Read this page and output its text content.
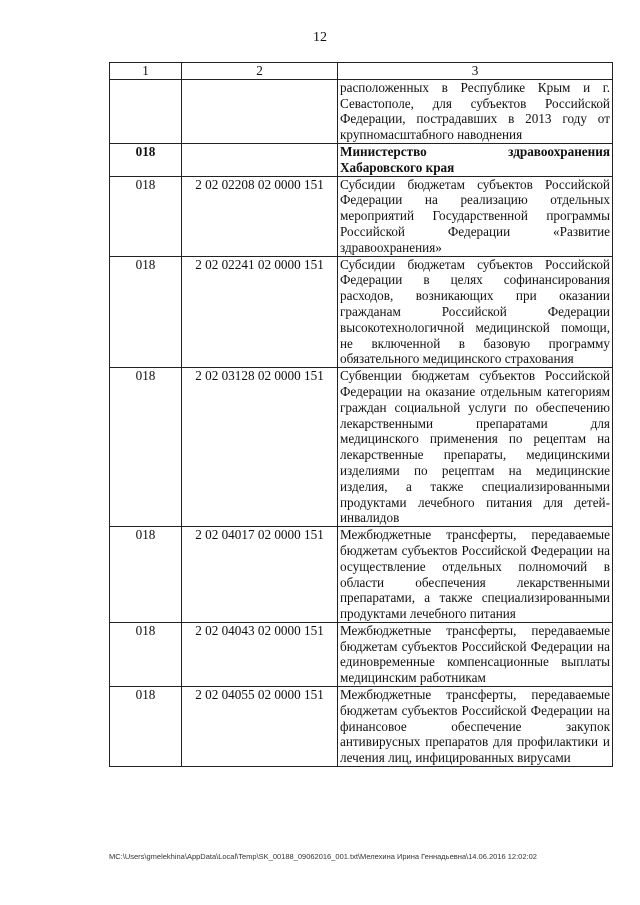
12
1	2	3
		расположенных в Республике Крым и г. Севастополе, для субъектов Российской Федерации, пострадавших в 2013 году от крупномасштабного наводнения
018		Министерство здравоохранения Хабаровского края
018	2 02 02208 02 0000 151	Субсидии бюджетам субъектов Российской Федерации на реализацию отдельных мероприятий Государственной программы Российской Федерации «Развитие здравоохранения»
018	2 02 02241 02 0000 151	Субсидии бюджетам субъектов Российской Федерации в целях софинансирования расходов, возникающих при оказании гражданам Российской Федерации высокотехнологичной медицинской помощи, не включенной в базовую программу обязательного медицинского страхования
018	2 02 03128 02 0000 151	Субвенции бюджетам субъектов Российской Федерации на оказание отдельным категориям граждан социальной услуги по обеспечению лекарственными препаратами для медицинского применения по рецептам на лекарственные препараты, медицинскими изделиями по рецептам на медицинские изделия, а также специализированными продуктами лечебного питания для детей-инвалидов
018	2 02 04017 02 0000 151	Межбюджетные трансферты, передаваемые бюджетам субъектов Российской Федерации на осуществление отдельных полномочий в области обеспечения лекарственными препаратами, а также специализированными продуктами лечебного питания
018	2 02 04043 02 0000 151	Межбюджетные трансферты, передаваемые бюджетам субъектов Российской Федерации на единовременные компенсационные выплаты медицинским работникам
018	2 02 04055 02 0000 151	Межбюджетные трансферты, передаваемые бюджетам субъектов Российской Федерации на финансовое обеспечение закупок антивирусных препаратов для профилактики и лечения лиц, инфицированных вирусами
МС:\Users\gmelekhina\AppData\Local\Temp\SK_00188_09062016_001.txt\Мелехина Ирина Геннадьевна\14.06.2016 12:02:02
